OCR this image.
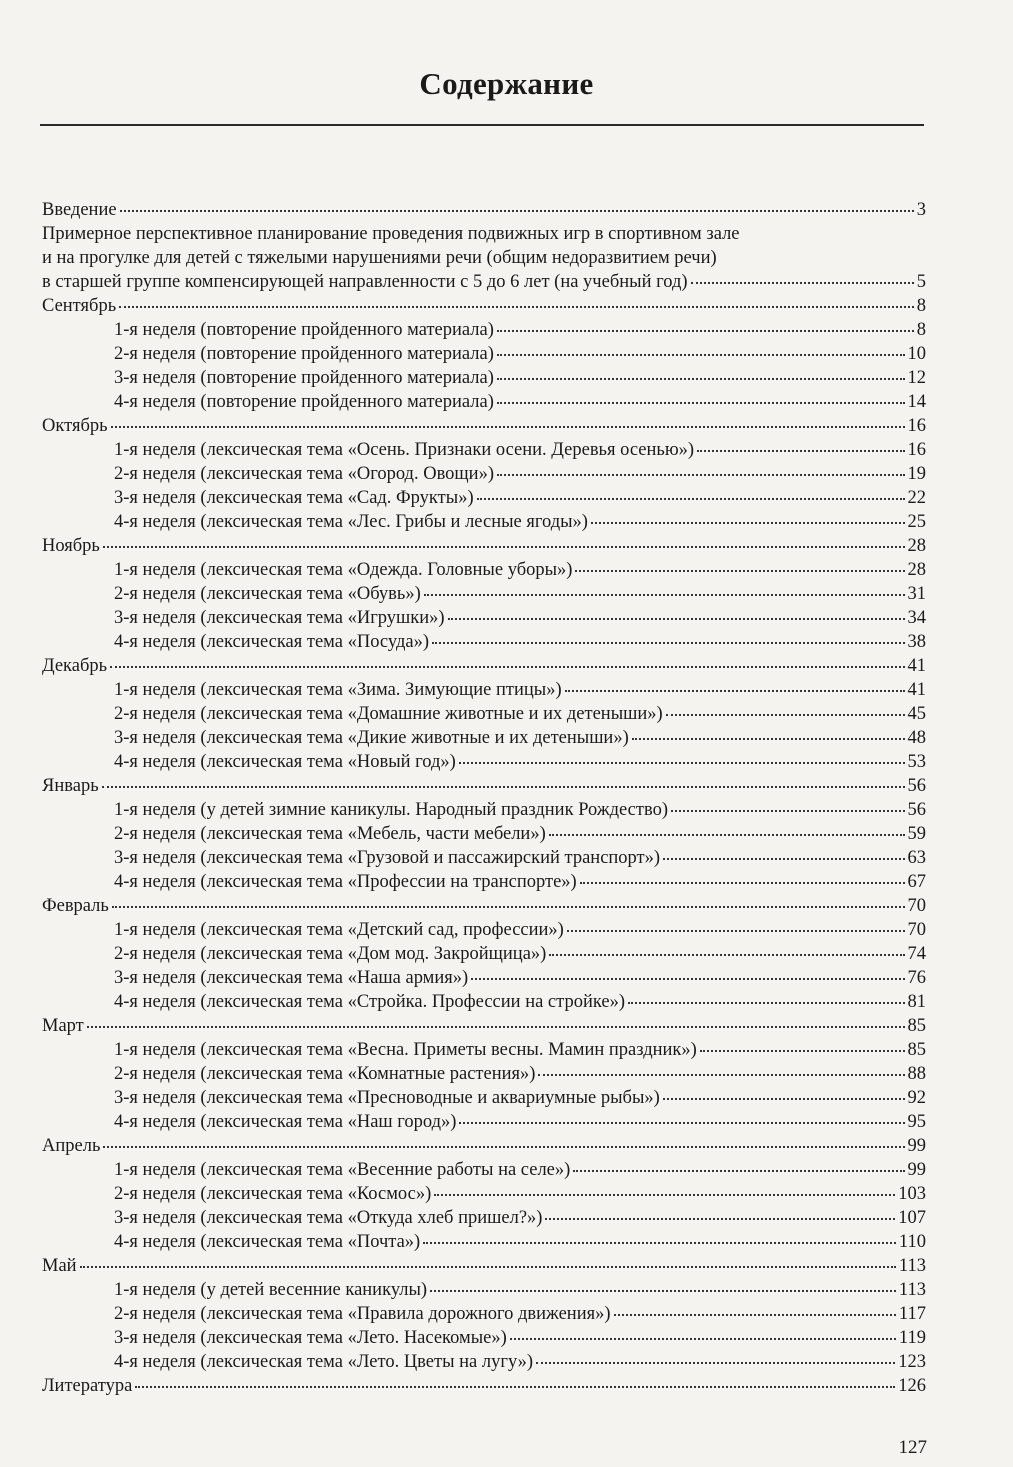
Содержание
Введение	3
Примерное перспективное планирование проведения подвижных игр в спортивном зале
и на прогулке для детей с тяжелыми нарушениями речи (общим недоразвитием речи)
в старшей группе компенсирующей направленности с 5 до 6 лет (на учебный год)	5
Сентябрь	8
1-я неделя (повторение пройденного материала)	8
2-я неделя (повторение пройденного материала)	10
3-я неделя (повторение пройденного материала)	12
4-я неделя (повторение пройденного материала)	14
Октябрь	16
1-я неделя (лексическая тема «Осень. Признаки осени. Деревья осенью»)	16
2-я неделя (лексическая тема «Огород. Овощи»)	19
3-я неделя (лексическая тема «Сад. Фрукты»)	22
4-я неделя (лексическая тема «Лес. Грибы и лесные ягоды»)	25
Ноябрь	28
1-я неделя (лексическая тема «Одежда. Головные уборы»)	28
2-я неделя (лексическая тема «Обувь»)	31
3-я неделя (лексическая тема «Игрушки»)	34
4-я неделя (лексическая тема «Посуда»)	38
Декабрь	41
1-я неделя (лексическая тема «Зима. Зимующие птицы»)	41
2-я неделя (лексическая тема «Домашние животные и их детеныши»)	45
3-я неделя (лексическая тема «Дикие животные и их детеныши»)	48
4-я неделя (лексическая тема «Новый год»)	53
Январь	56
1-я неделя (у детей зимние каникулы. Народный праздник Рождество)	56
2-я неделя (лексическая тема «Мебель, части мебели»)	59
3-я неделя (лексическая тема «Грузовой и пассажирский транспорт»)	63
4-я неделя (лексическая тема «Профессии на транспорте»)	67
Февраль	70
1-я неделя (лексическая тема «Детский сад, профессии»)	70
2-я неделя (лексическая тема «Дом мод. Закройщица»)	74
3-я неделя (лексическая тема «Наша армия»)	76
4-я неделя (лексическая тема «Стройка. Профессии на стройке»)	81
Март	85
1-я неделя (лексическая тема «Весна. Приметы весны. Мамин праздник»)	85
2-я неделя (лексическая тема «Комнатные растения»)	88
3-я неделя (лексическая тема «Пресноводные и аквариумные рыбы»)	92
4-я неделя (лексическая тема «Наш город»)	95
Апрель	99
1-я неделя (лексическая тема «Весенние работы на селе»)	99
2-я неделя (лексическая тема «Космос»)	103
3-я неделя (лексическая тема «Откуда хлеб пришел?»)	107
4-я неделя (лексическая тема «Почта»)	110
Май	113
1-я неделя (у детей весенние каникулы)	113
2-я неделя (лексическая тема «Правила дорожного движения»)	117
3-я неделя (лексическая тема «Лето. Насекомые»)	119
4-я неделя (лексическая тема «Лето. Цветы на лугу»)	123
Литература	126
127
